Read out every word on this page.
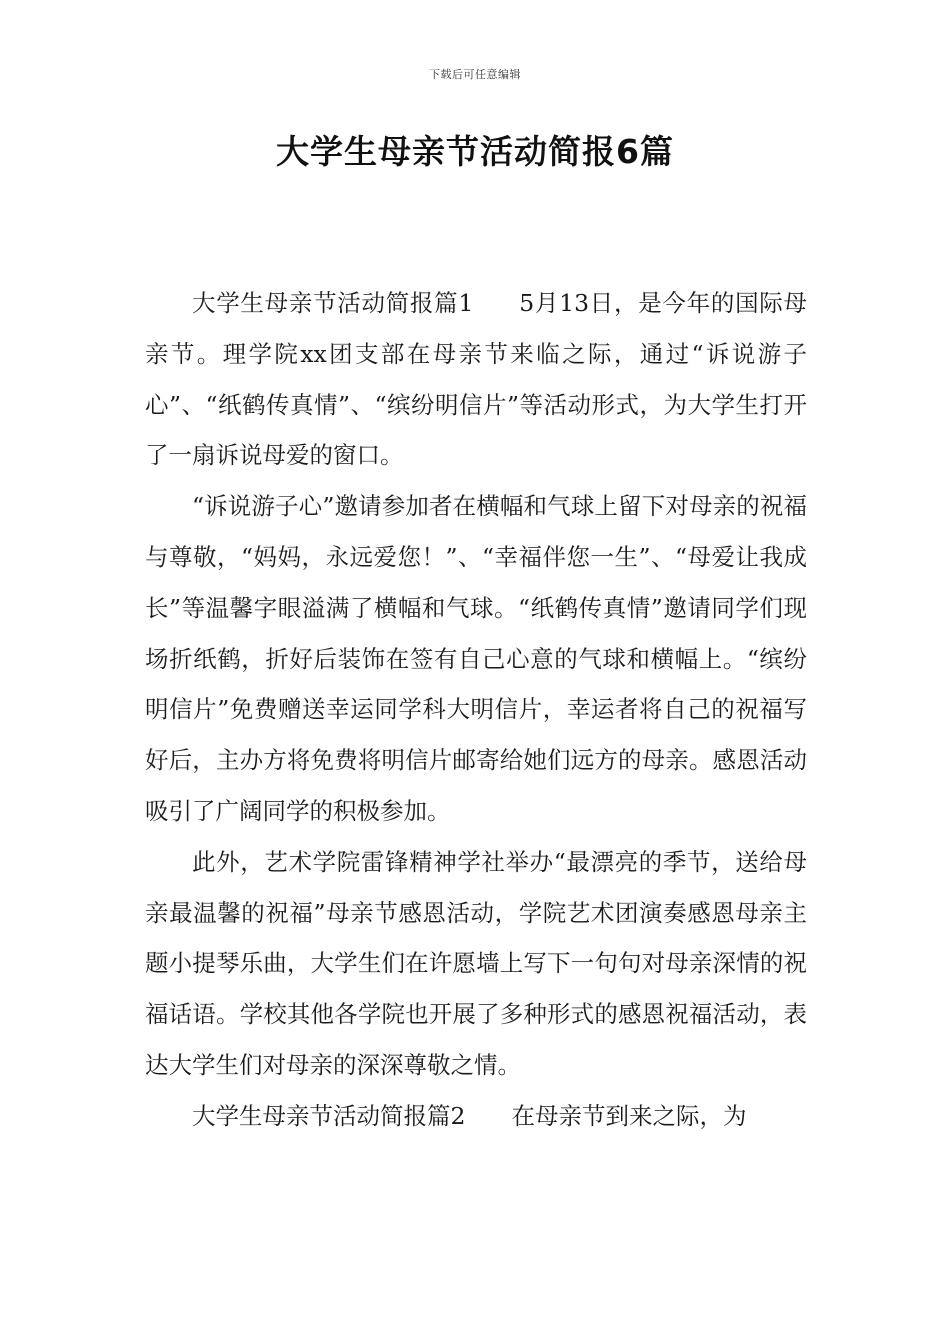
下载后可任意编辑
大学生母亲节活动简报6篇

大学生母亲节活动简报篇1 5月13日，是今年的国际母亲节。理学院xx团支部在母亲节来临之际，通过“诉说游子心”、“纸鹤传真情”、“缤纷明信片”等活动形式，为大学生打开了一扇诉说母爱的窗口。

“诉说游子心”邀请参加者在横幅和气球上留下对母亲的祝福与尊敬，“妈妈，永远爱您！”、“幸福伴您一生”、“母爱让我成长”等温馨字眼溢满了横幅和气球。“纸鹤传真情”邀请同学们现场折纸鹤，折好后装饰在签有自己心意的气球和横幅上。“缤纷明信片”免费赠送幸运同学科大明信片，幸运者将自己的祝福写好后，主办方将免费将明信片邮寄给她们远方的母亲。感恩活动吸引了广阔同学的积极参加。

此外，艺术学院雷锋精神学社举办“最漂亮的季节，送给母亲最温馨的祝福”母亲节感恩活动，学院艺术团演奏感恩母亲主题小提琴乐曲，大学生们在许愿墙上写下一句句对母亲深情的祝福话语。学校其他各学院也开展了多种形式的感恩祝福活动，表达大学生们对母亲的深深尊敬之情。

大学生母亲节活动简报篇2 在母亲节到来之际，为
